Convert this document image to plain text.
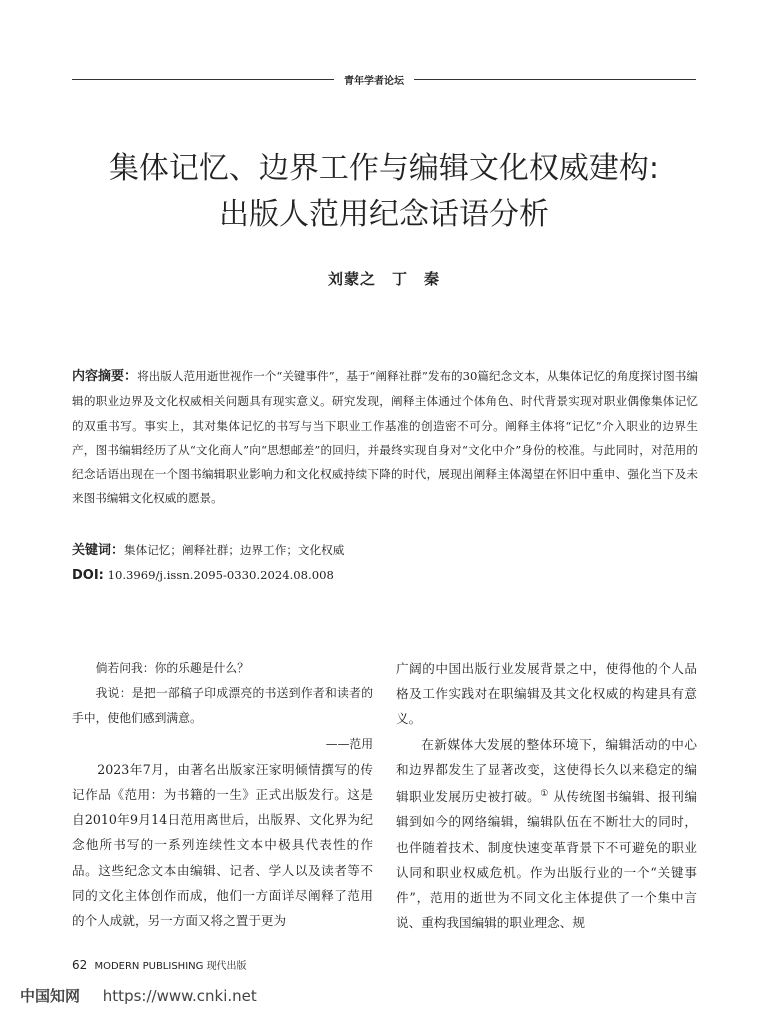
青年学者论坛
集体记忆、边界工作与编辑文化权威建构:
出版人范用纪念话语分析
刘蒙之　丁　秦
内容摘要：将出版人范用逝世视作一个“关键事件”，基于“阐释社群”发布的30篇纪念文本，从集体记忆的角度探讨图书编辑的职业边界及文化权威相关问题具有现实意义。研究发现，阐释主体通过个体角色、时代背景实现对职业偶像集体记忆的双重书写。事实上，其对集体记忆的书写与当下职业工作基准的创造密不可分。阐释主体将“记忆”介入职业的边界生产，图书编辑经历了从“文化商人”向“思想邮差”的回归，并最终实现自身对“文化中介”身份的校准。与此同时，对范用的纪念话语出现在一个图书编辑职业影响力和文化权威持续下降的时代，展现出阐释主体渴望在怀旧中重申、强化当下及未来图书编辑文化权威的愿景。
关键词：集体记忆；阐释社群；边界工作；文化权威
DOI: 10.3969/j.issn.2095-0330.2024.08.008

倘若问我：你的乐趣是什么？

我说：是把一部稿子印成漂亮的书送到作者和读者的手中，使他们感到满意。

——范用

2023年7月，由著名出版家汪家明倾情撰写的传记作品《范用：为书籍的一生》正式出版发行。这是自2010年9月14日范用离世后，出版界、文化界为纪念他所书写的一系列连续性文本中极具代表性的作品。这些纪念文本由编辑、记者、学人以及读者等不同的文化主体创作而成，他们一方面详尽阐释了范用的个人成就，另一方面又将之置于更为

广阔的中国出版行业发展背景之中，使得他的个人品格及工作实践对在职编辑及其文化权威的构建具有意义。

在新媒体大发展的整体环境下，编辑活动的中心和边界都发生了显著改变，这使得长久以来稳定的编辑职业发展历史被打破。① 从传统图书编辑、报刊编辑到如今的网络编辑，编辑队伍在不断壮大的同时，也伴随着技术、制度快速变革背景下不可避免的职业认同和职业权威危机。作为出版行业的一个“关键事件”，范用的逝世为不同文化主体提供了一个集中言说、重构我国编辑的职业理念、规

62 MODERN PUBLISHING 现代出版
中国知网 https://www.cnki.net
